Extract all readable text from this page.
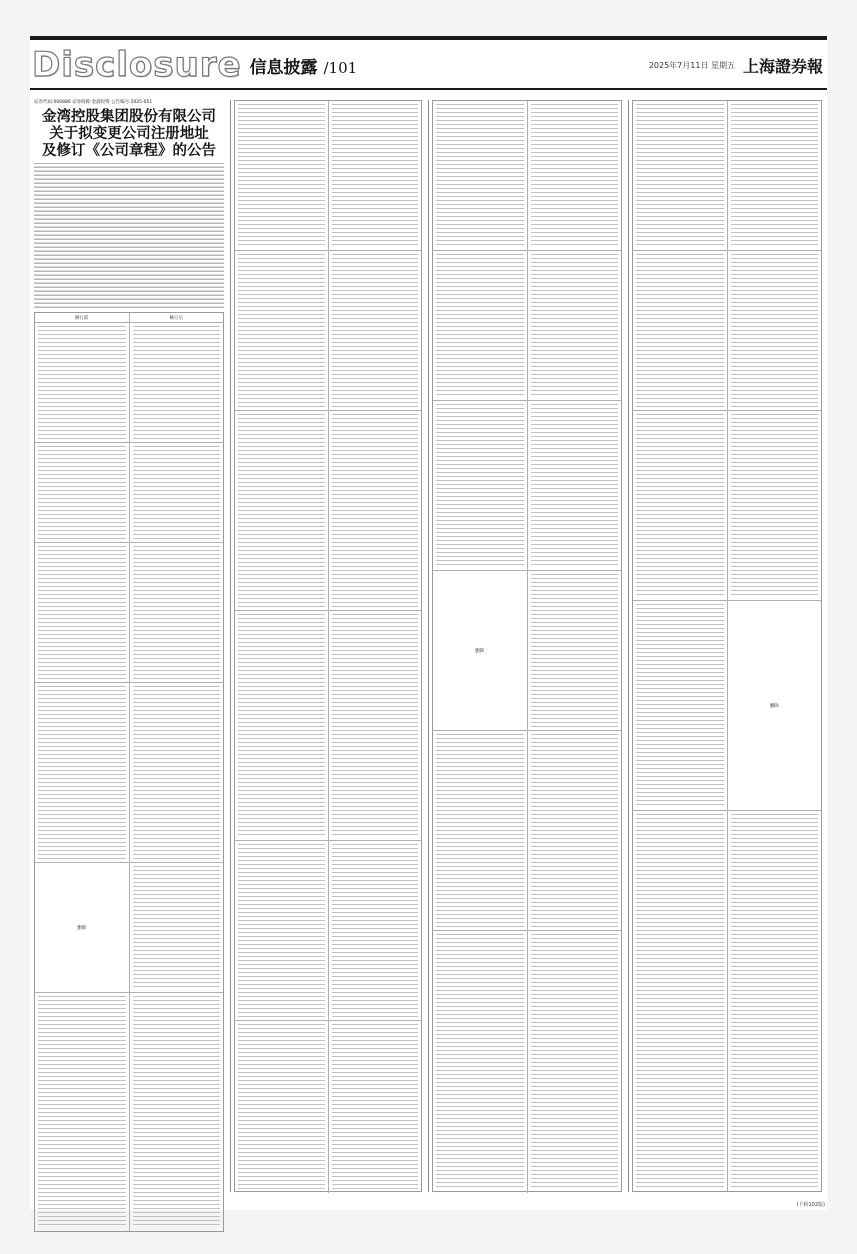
Disclosure 信息披露 /101	2025年7月11日 星期五 上海證券報
证券代码:000886 证券简称:金浦投资 公告编号:2025-051
金湾控股集团股份有限公司
关于拟变更公司注册地址
及修订《公司章程》的公告
修订前	修订后
删除
删除
删除
(下转102版)
